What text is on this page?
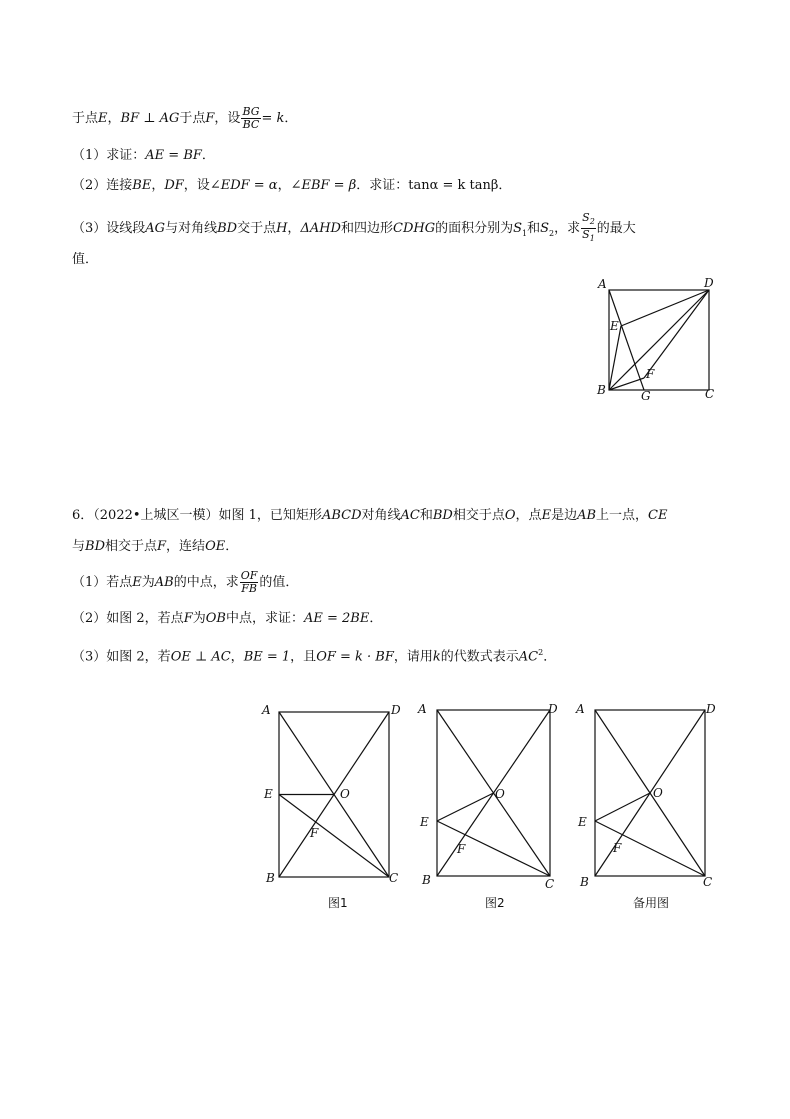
于点E，BF ⊥ AG于点F，设 $\frac{BG}{BC} = k$．
（1）求证：AE = BF．
（2）连接BE，DF，设∠EDF = α，∠EBF = β．求证：tanα = k tanβ．
（3）设线段AG与对角线BD交于点H，ΔAHD和四边形CDHG的面积分别为$S_1$和$S_2$，求 $\frac{S_2}{S_1}$ 的最大
值．
A	D
E
F
B	G	C
6．（2022•上城区一模）如图 1，已知矩形ABCD对角线AC和BD相交于点O，点E是边AB上一点，CE
与BD相交于点F，连结OE．
（1）若点E为AB的中点，求 $\frac{OF}{FB}$ 的值．
（2）如图 2，若点F为OB中点，求证：AE = 2BE．
（3）如图 2，若OE ⊥ AC，BE = 1，且OF = k · BF，请用k的代数式表示$AC^2$．
A	D
E	O
F
B	C
图1
A	D
E
O
F
B	C
图2
A	D
E
O
F
B	C
备用图
